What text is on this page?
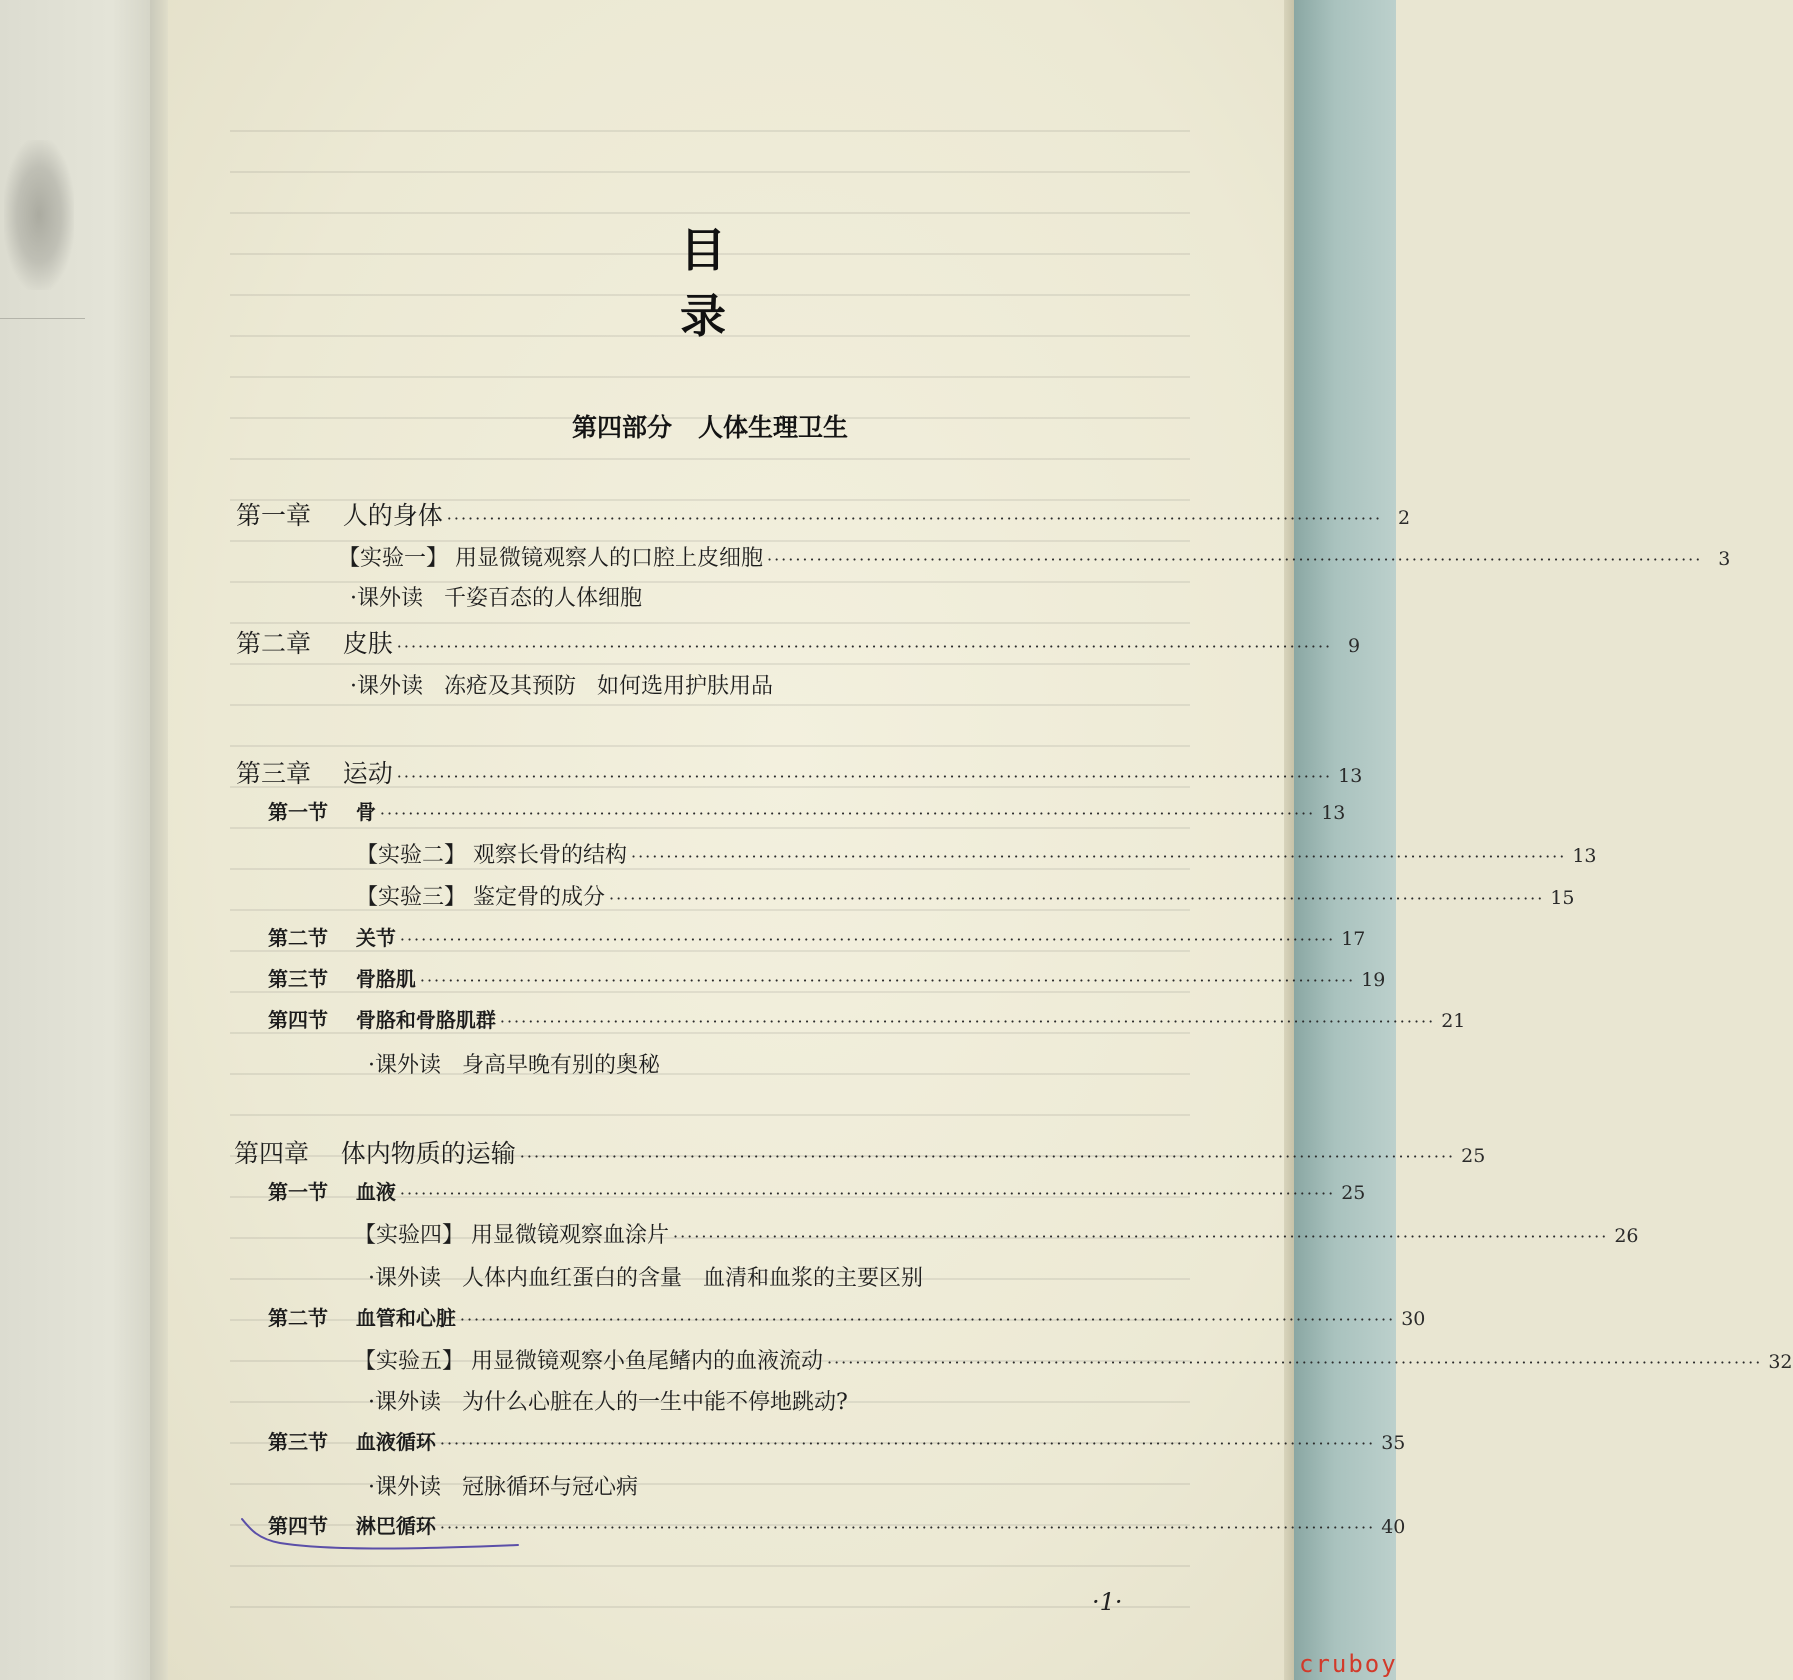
目 录
第四部分   人体生理卫生
第一章    人的身体 ···································································································································· 2
【实验一】 用显微镜观察人的口腔上皮细胞 ···································································································································· 3
·课外读   千姿百态的人体细胞
第二章    皮肤 ···································································································································· 9
·课外读   冻疮及其预防   如何选用护肤用品
第三章    运动 ···································································································································· 13
第一节    骨 ···································································································································· 13
【实验二】 观察长骨的结构 ···································································································································· 13
【实验三】 鉴定骨的成分 ···································································································································· 15
第二节    关节 ···································································································································· 17
第三节    骨胳肌 ···································································································································· 19
第四节    骨胳和骨胳肌群 ···································································································································· 21
·课外读   身高早晚有别的奥秘
第四章    体内物质的运输 ···································································································································· 25
第一节    血液 ···································································································································· 25
【实验四】 用显微镜观察血涂片 ···································································································································· 26
·课外读   人体内血红蛋白的含量   血清和血浆的主要区别
第二节    血管和心脏 ···································································································································· 30
【实验五】 用显微镜观察小鱼尾鳍内的血液流动 ···································································································································· 32
·课外读   为什么心脏在人的一生中能不停地跳动?
第三节    血液循环 ···································································································································· 35
·课外读   冠脉循环与冠心病
第四节    淋巴循环 ···································································································································· 40
·1·
cruboy
